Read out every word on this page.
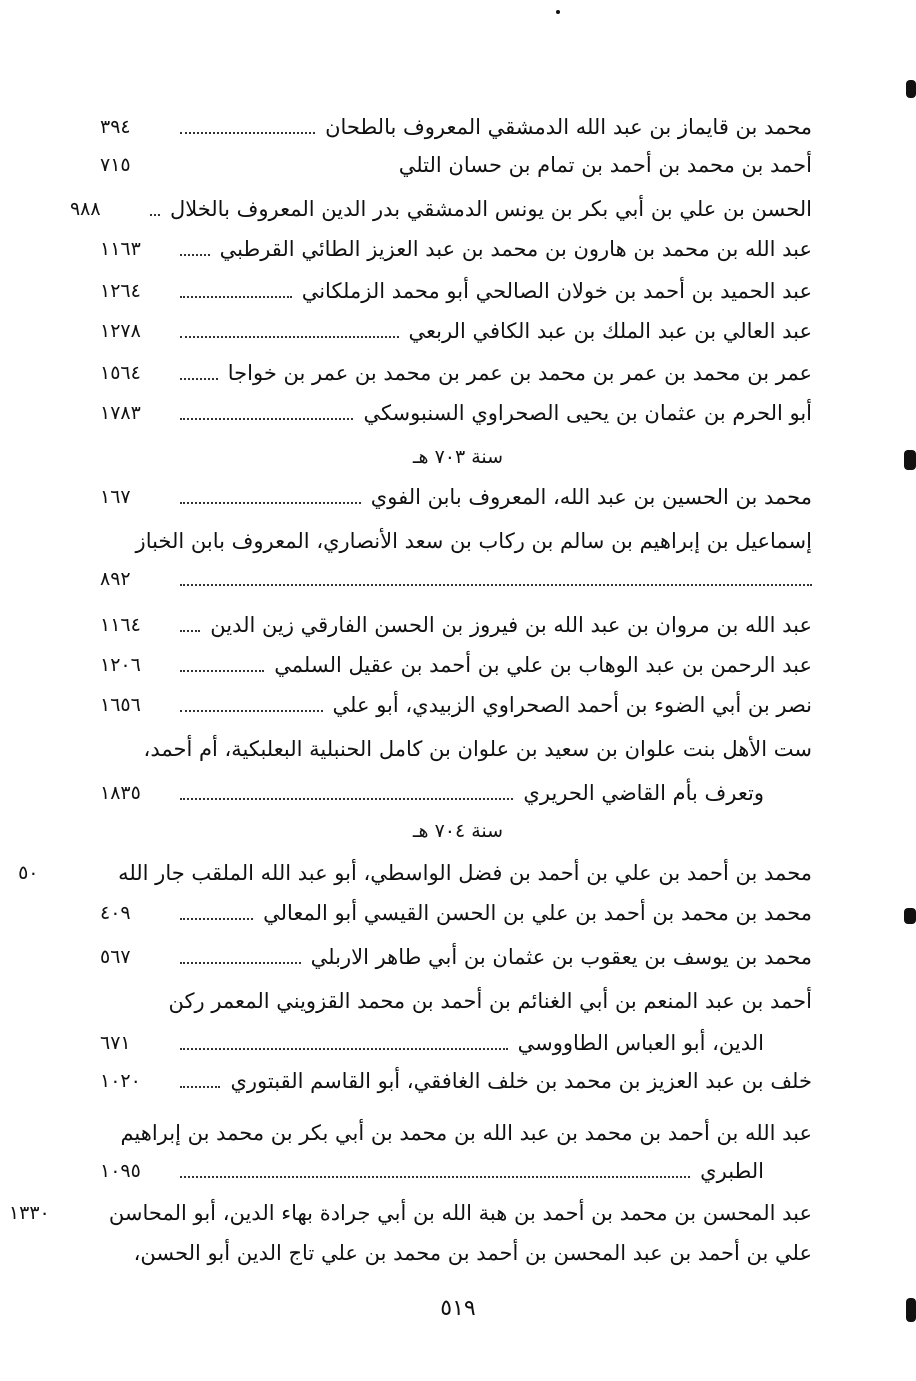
محمد بن قايماز بن عبد الله الدمشقي المعروف بالطحان
٣٩٤
أحمد بن محمد بن أحمد بن تمام بن حسان التلي
٧١٥
الحسن بن علي بن أبي بكر بن يونس الدمشقي بدر الدين المعروف بالخلال
٩٨٨
عبد الله بن محمد بن هارون بن محمد بن عبد العزيز الطائي القرطبي
١١٦٣
عبد الحميد بن أحمد بن خولان الصالحي أبو محمد الزملكاني
١٢٦٤
عبد العالي بن عبد الملك بن عبد الكافي الربعي
١٢٧٨
عمر بن محمد بن عمر بن محمد بن عمر بن محمد بن عمر بن خواجا
١٥٦٤
أبو الحرم بن عثمان بن يحيى الصحراوي السنبوسكي
١٧٨٣
سنة ٧٠٣ هـ
محمد بن الحسين بن عبد الله، المعروف بابن الفوي
١٦٧
إسماعيل بن إبراهيم بن سالم بن ركاب بن سعد الأنصاري، المعروف بابن الخباز
٨٩٢
عبد الله بن مروان بن عبد الله بن فيروز بن الحسن الفارقي زين الدين
١١٦٤
عبد الرحمن بن عبد الوهاب بن علي بن أحمد بن عقيل السلمي
١٢٠٦
نصر بن أبي الضوء بن أحمد الصحراوي الزبيدي، أبو علي
١٦٥٦
ست الأهل بنت علوان بن سعيد بن علوان بن كامل الحنبلية البعلبكية، أم أحمد،
وتعرف بأم القاضي الحريري
١٨٣٥
سنة ٧٠٤ هـ
محمد بن أحمد بن علي بن أحمد بن فضل الواسطي، أبو عبد الله الملقب جار الله
٥٠
محمد بن محمد بن أحمد بن علي بن الحسن القيسي أبو المعالي
٤٠٩
محمد بن يوسف بن يعقوب بن عثمان بن أبي طاهر الاربلي
٥٦٧
أحمد بن عبد المنعم بن أبي الغنائم بن أحمد بن محمد القزويني المعمر ركن
الدين، أبو العباس الطاووسي
٦٧١
خلف بن عبد العزيز بن محمد بن خلف الغافقي، أبو القاسم القبتوري
١٠٢٠
عبد الله بن أحمد بن محمد بن عبد الله بن محمد بن أبي بكر بن محمد بن إبراهيم
الطبري
١٠٩٥
عبد المحسن بن محمد بن أحمد بن هبة الله بن أبي جرادة بهاء الدين، أبو المحاسن
١٣٣٠
علي بن أحمد بن عبد المحسن بن أحمد بن محمد بن علي تاج الدين أبو الحسن،
٥١٩
